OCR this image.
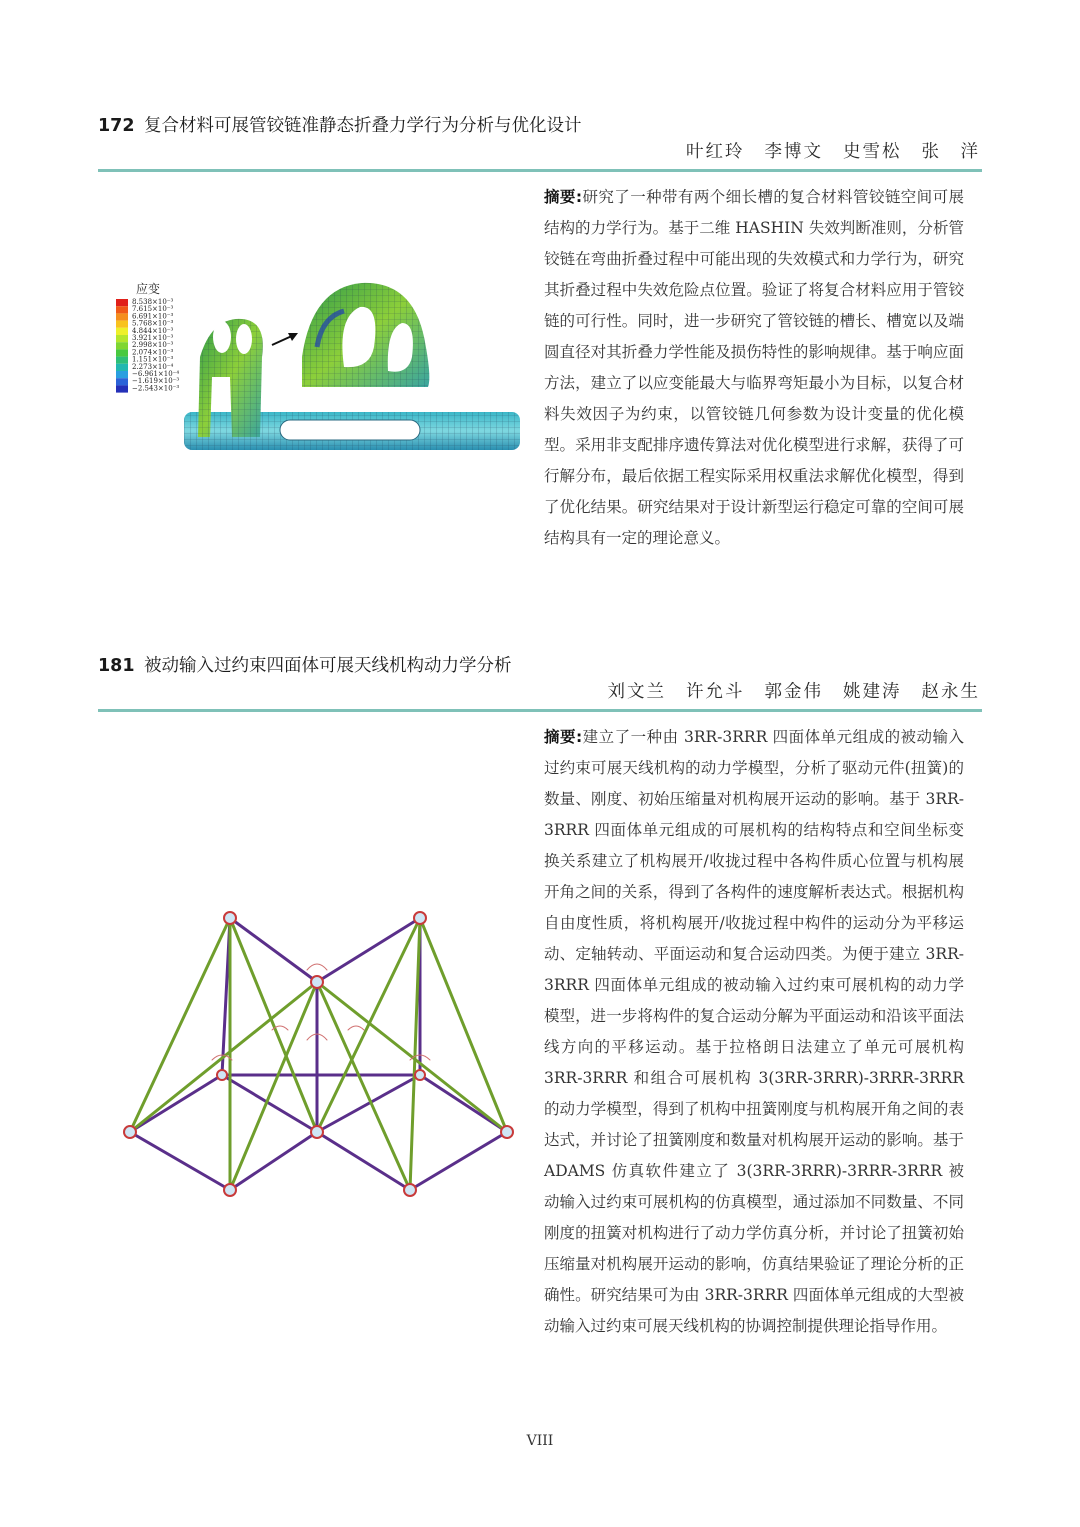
172 复合材料可展管铰链准静态折叠力学行为分析与优化设计
叶红玲 李博文 史雪松 张　洋
应变
8.538×10⁻³
7.615×10⁻³
6.691×10⁻³
5.768×10⁻³
4.844×10⁻³
3.921×10⁻³
2.998×10⁻³
2.074×10⁻³
1.151×10⁻³
2.273×10⁻⁴
−6.961×10⁻⁴
−1.619×10⁻³
−2.543×10⁻³
摘要:研究了一种带有两个细长槽的复合材料管铰链空间可展结构的力学行为。基于二维 HASHIN 失效判断准则，分析管铰链在弯曲折叠过程中可能出现的失效模式和力学行为，研究其折叠过程中失效危险点位置。验证了将复合材料应用于管铰链的可行性。同时，进一步研究了管铰链的槽长、槽宽以及端圆直径对其折叠力学性能及损伤特性的影响规律。基于响应面方法，建立了以应变能最大与临界弯矩最小为目标，以复合材料失效因子为约束，以管铰链几何参数为设计变量的优化模型。采用非支配排序遗传算法对优化模型进行求解，获得了可行解分布，最后依据工程实际采用权重法求解优化模型，得到了优化结果。研究结果对于设计新型运行稳定可靠的空间可展结构具有一定的理论意义。
181 被动输入过约束四面体可展天线机构动力学分析
刘文兰 许允斗 郭金伟 姚建涛 赵永生
摘要:建立了一种由 3RR-3RRR 四面体单元组成的被动输入过约束可展天线机构的动力学模型，分析了驱动元件(扭簧)的数量、刚度、初始压缩量对机构展开运动的影响。基于 3RR-3RRR 四面体单元组成的可展机构的结构特点和空间坐标变换关系建立了机构展开/收拢过程中各构件质心位置与机构展开角之间的关系，得到了各构件的速度解析表达式。根据机构自由度性质，将机构展开/收拢过程中构件的运动分为平移运动、定轴转动、平面运动和复合运动四类。为便于建立 3RR-3RRR 四面体单元组成的被动输入过约束可展机构的动力学模型，进一步将构件的复合运动分解为平面运动和沿该平面法线方向的平移运动。基于拉格朗日法建立了单元可展机构 3RR-3RRR 和组合可展机构 3(3RR-3RRR)-3RRR-3RRR 的动力学模型，得到了机构中扭簧刚度与机构展开角之间的表达式，并讨论了扭簧刚度和数量对机构展开运动的影响。基于 ADAMS 仿真软件建立了 3(3RR-3RRR)-3RRR-3RRR 被动输入过约束可展机构的仿真模型，通过添加不同数量、不同刚度的扭簧对机构进行了动力学仿真分析，并讨论了扭簧初始压缩量对机构展开运动的影响，仿真结果验证了理论分析的正确性。研究结果可为由 3RR-3RRR 四面体单元组成的大型被动输入过约束可展天线机构的协调控制提供理论指导作用。
VIII
